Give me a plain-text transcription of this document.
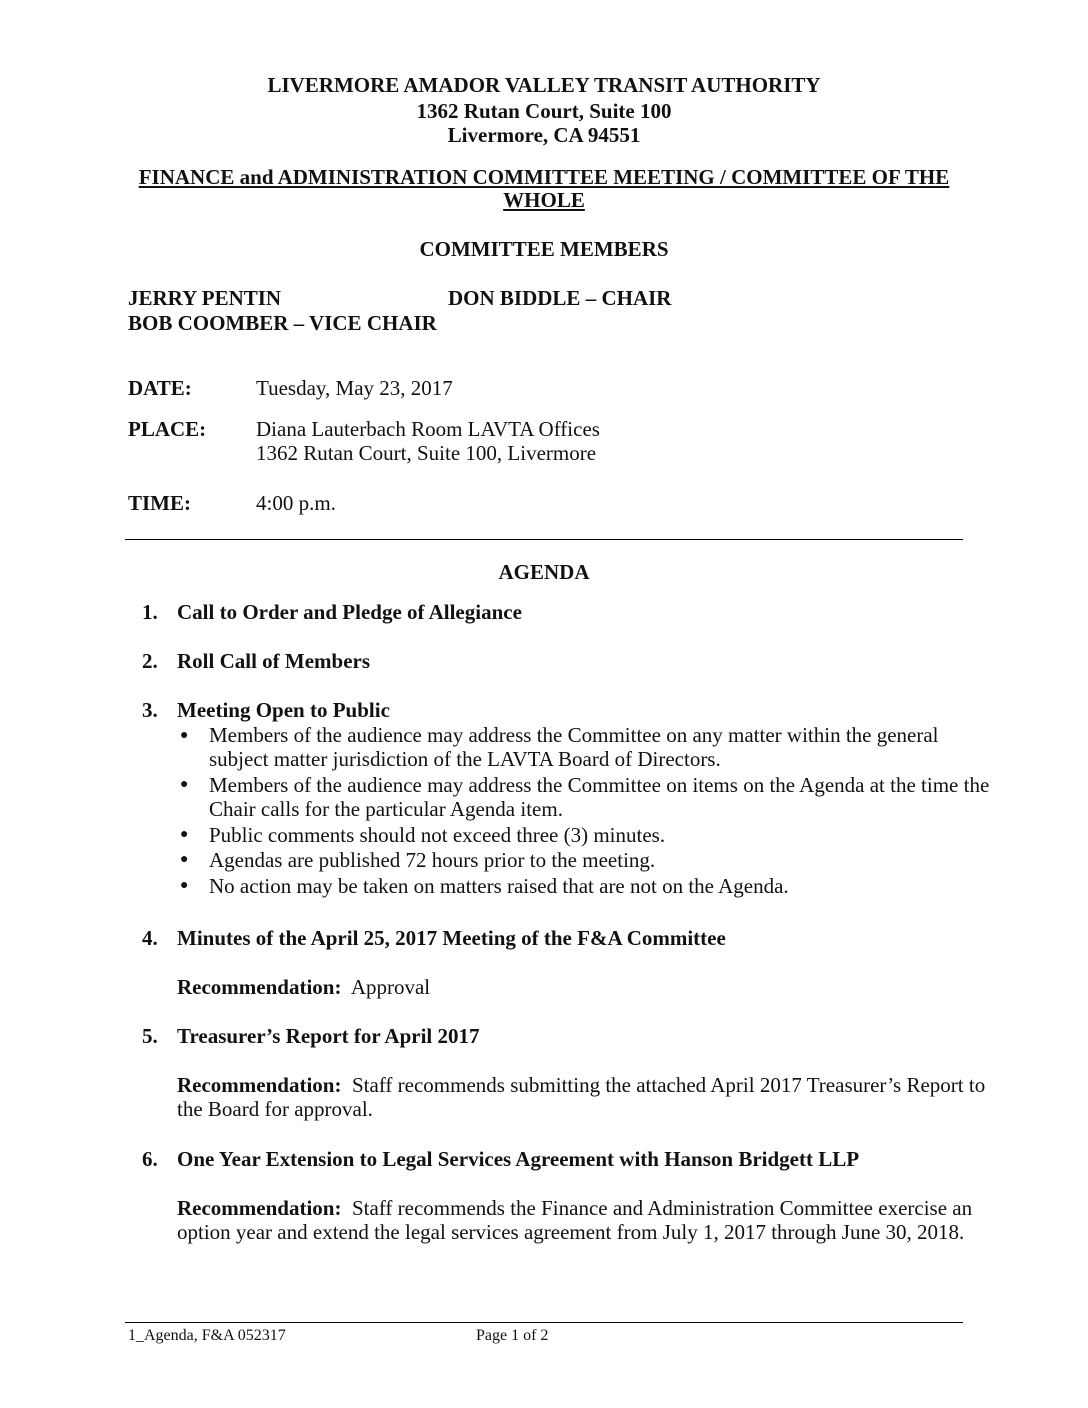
LIVERMORE AMADOR VALLEY TRANSIT AUTHORITY
1362 Rutan Court, Suite 100
Livermore, CA 94551
FINANCE and ADMINISTRATION COMMITTEE MEETING / COMMITTEE OF THE
WHOLE
COMMITTEE MEMBERS
JERRY PENTIN	DON BIDDLE – CHAIR
BOB COOMBER – VICE CHAIR
DATE:	Tuesday, May 23, 2017
PLACE: Diana Lauterbach Room LAVTA Offices
1362 Rutan Court, Suite 100, Livermore
TIME:	4:00 p.m.
AGENDA
1. Call to Order and Pledge of Allegiance
2. Roll Call of Members
3. Meeting Open to Public
● Members of the audience may address the Committee on any matter within the general subject matter jurisdiction of the LAVTA Board of Directors.
● Members of the audience may address the Committee on items on the Agenda at the time the Chair calls for the particular Agenda item.
● Public comments should not exceed three (3) minutes.
● Agendas are published 72 hours prior to the meeting.
● No action may be taken on matters raised that are not on the Agenda.
4. Minutes of the April 25, 2017 Meeting of the F&A Committee
Recommendation: Approval
5. Treasurer’s Report for April 2017
Recommendation: Staff recommends submitting the attached April 2017 Treasurer’s Report to the Board for approval.
6. One Year Extension to Legal Services Agreement with Hanson Bridgett LLP
Recommendation: Staff recommends the Finance and Administration Committee exercise an option year and extend the legal services agreement from July 1, 2017 through June 30, 2018.
1_Agenda, F&A 052317	Page 1 of 2
